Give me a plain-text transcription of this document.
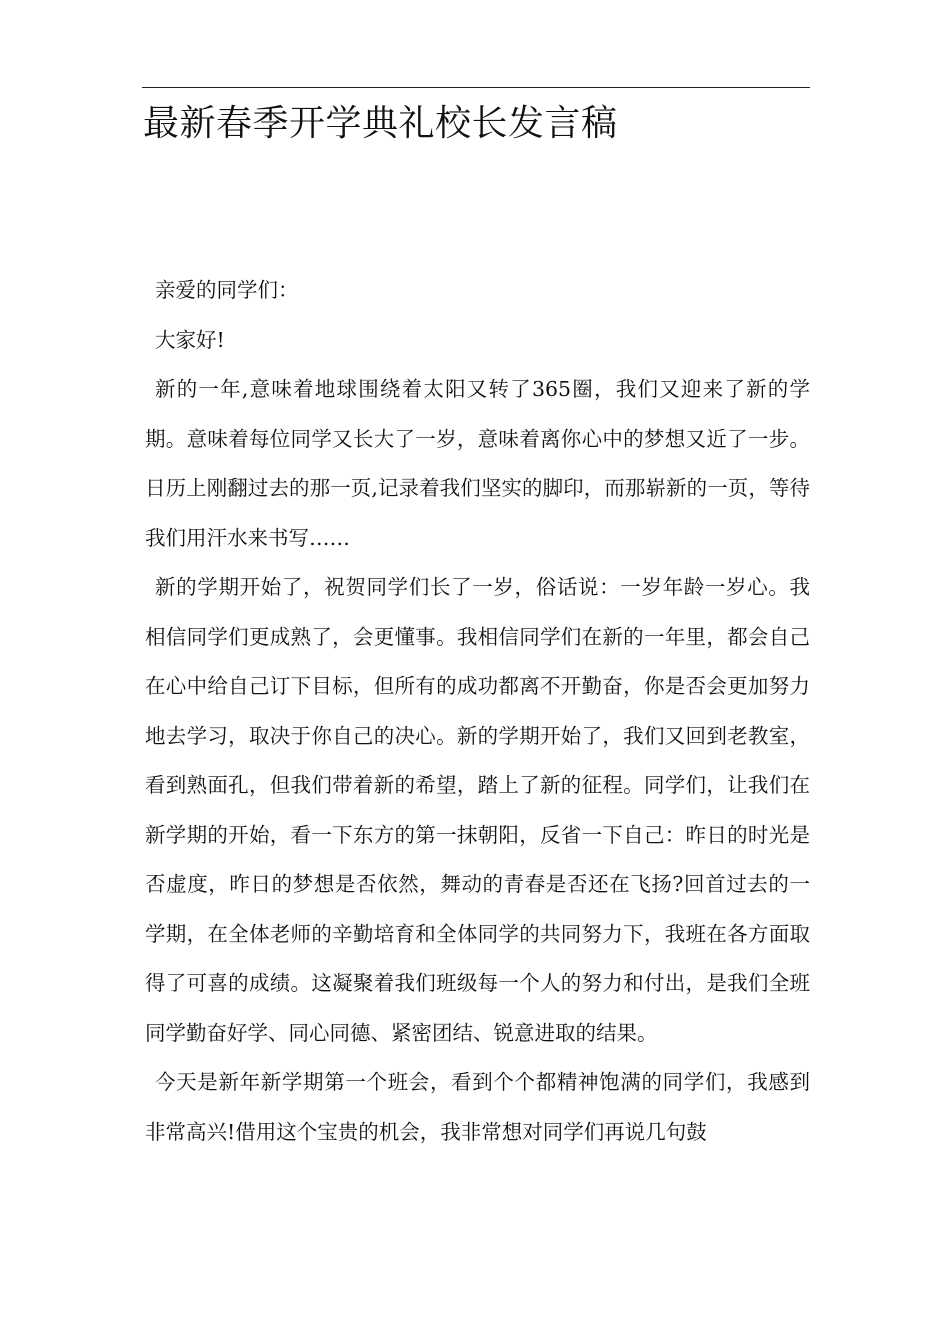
最新春季开学典礼校长发言稿

亲爱的同学们：

大家好!

新的一年,意味着地球围绕着太阳又转了365圈，我们又迎来了新的学期。意味着每位同学又长大了一岁，意味着离你心中的梦想又近了一步。日历上刚翻过去的那一页,记录着我们坚实的脚印，而那崭新的一页，等待我们用汗水来书写……

新的学期开始了，祝贺同学们长了一岁，俗话说：一岁年龄一岁心。我相信同学们更成熟了，会更懂事。我相信同学们在新的一年里，都会自己在心中给自己订下目标，但所有的成功都离不开勤奋，你是否会更加努力地去学习，取决于你自己的决心。新的学期开始了，我们又回到老教室，看到熟面孔，但我们带着新的希望，踏上了新的征程。同学们，让我们在新学期的开始，看一下东方的第一抹朝阳，反省一下自己：昨日的时光是否虚度，昨日的梦想是否依然，舞动的青春是否还在飞扬?回首过去的一学期，在全体老师的辛勤培育和全体同学的共同努力下，我班在各方面取得了可喜的成绩。这凝聚着我们班级每一个人的努力和付出，是我们全班同学勤奋好学、同心同德、紧密团结、锐意进取的结果。

今天是新年新学期第一个班会，看到个个都精神饱满的同学们，我感到非常高兴!借用这个宝贵的机会，我非常想对同学们再说几句鼓
